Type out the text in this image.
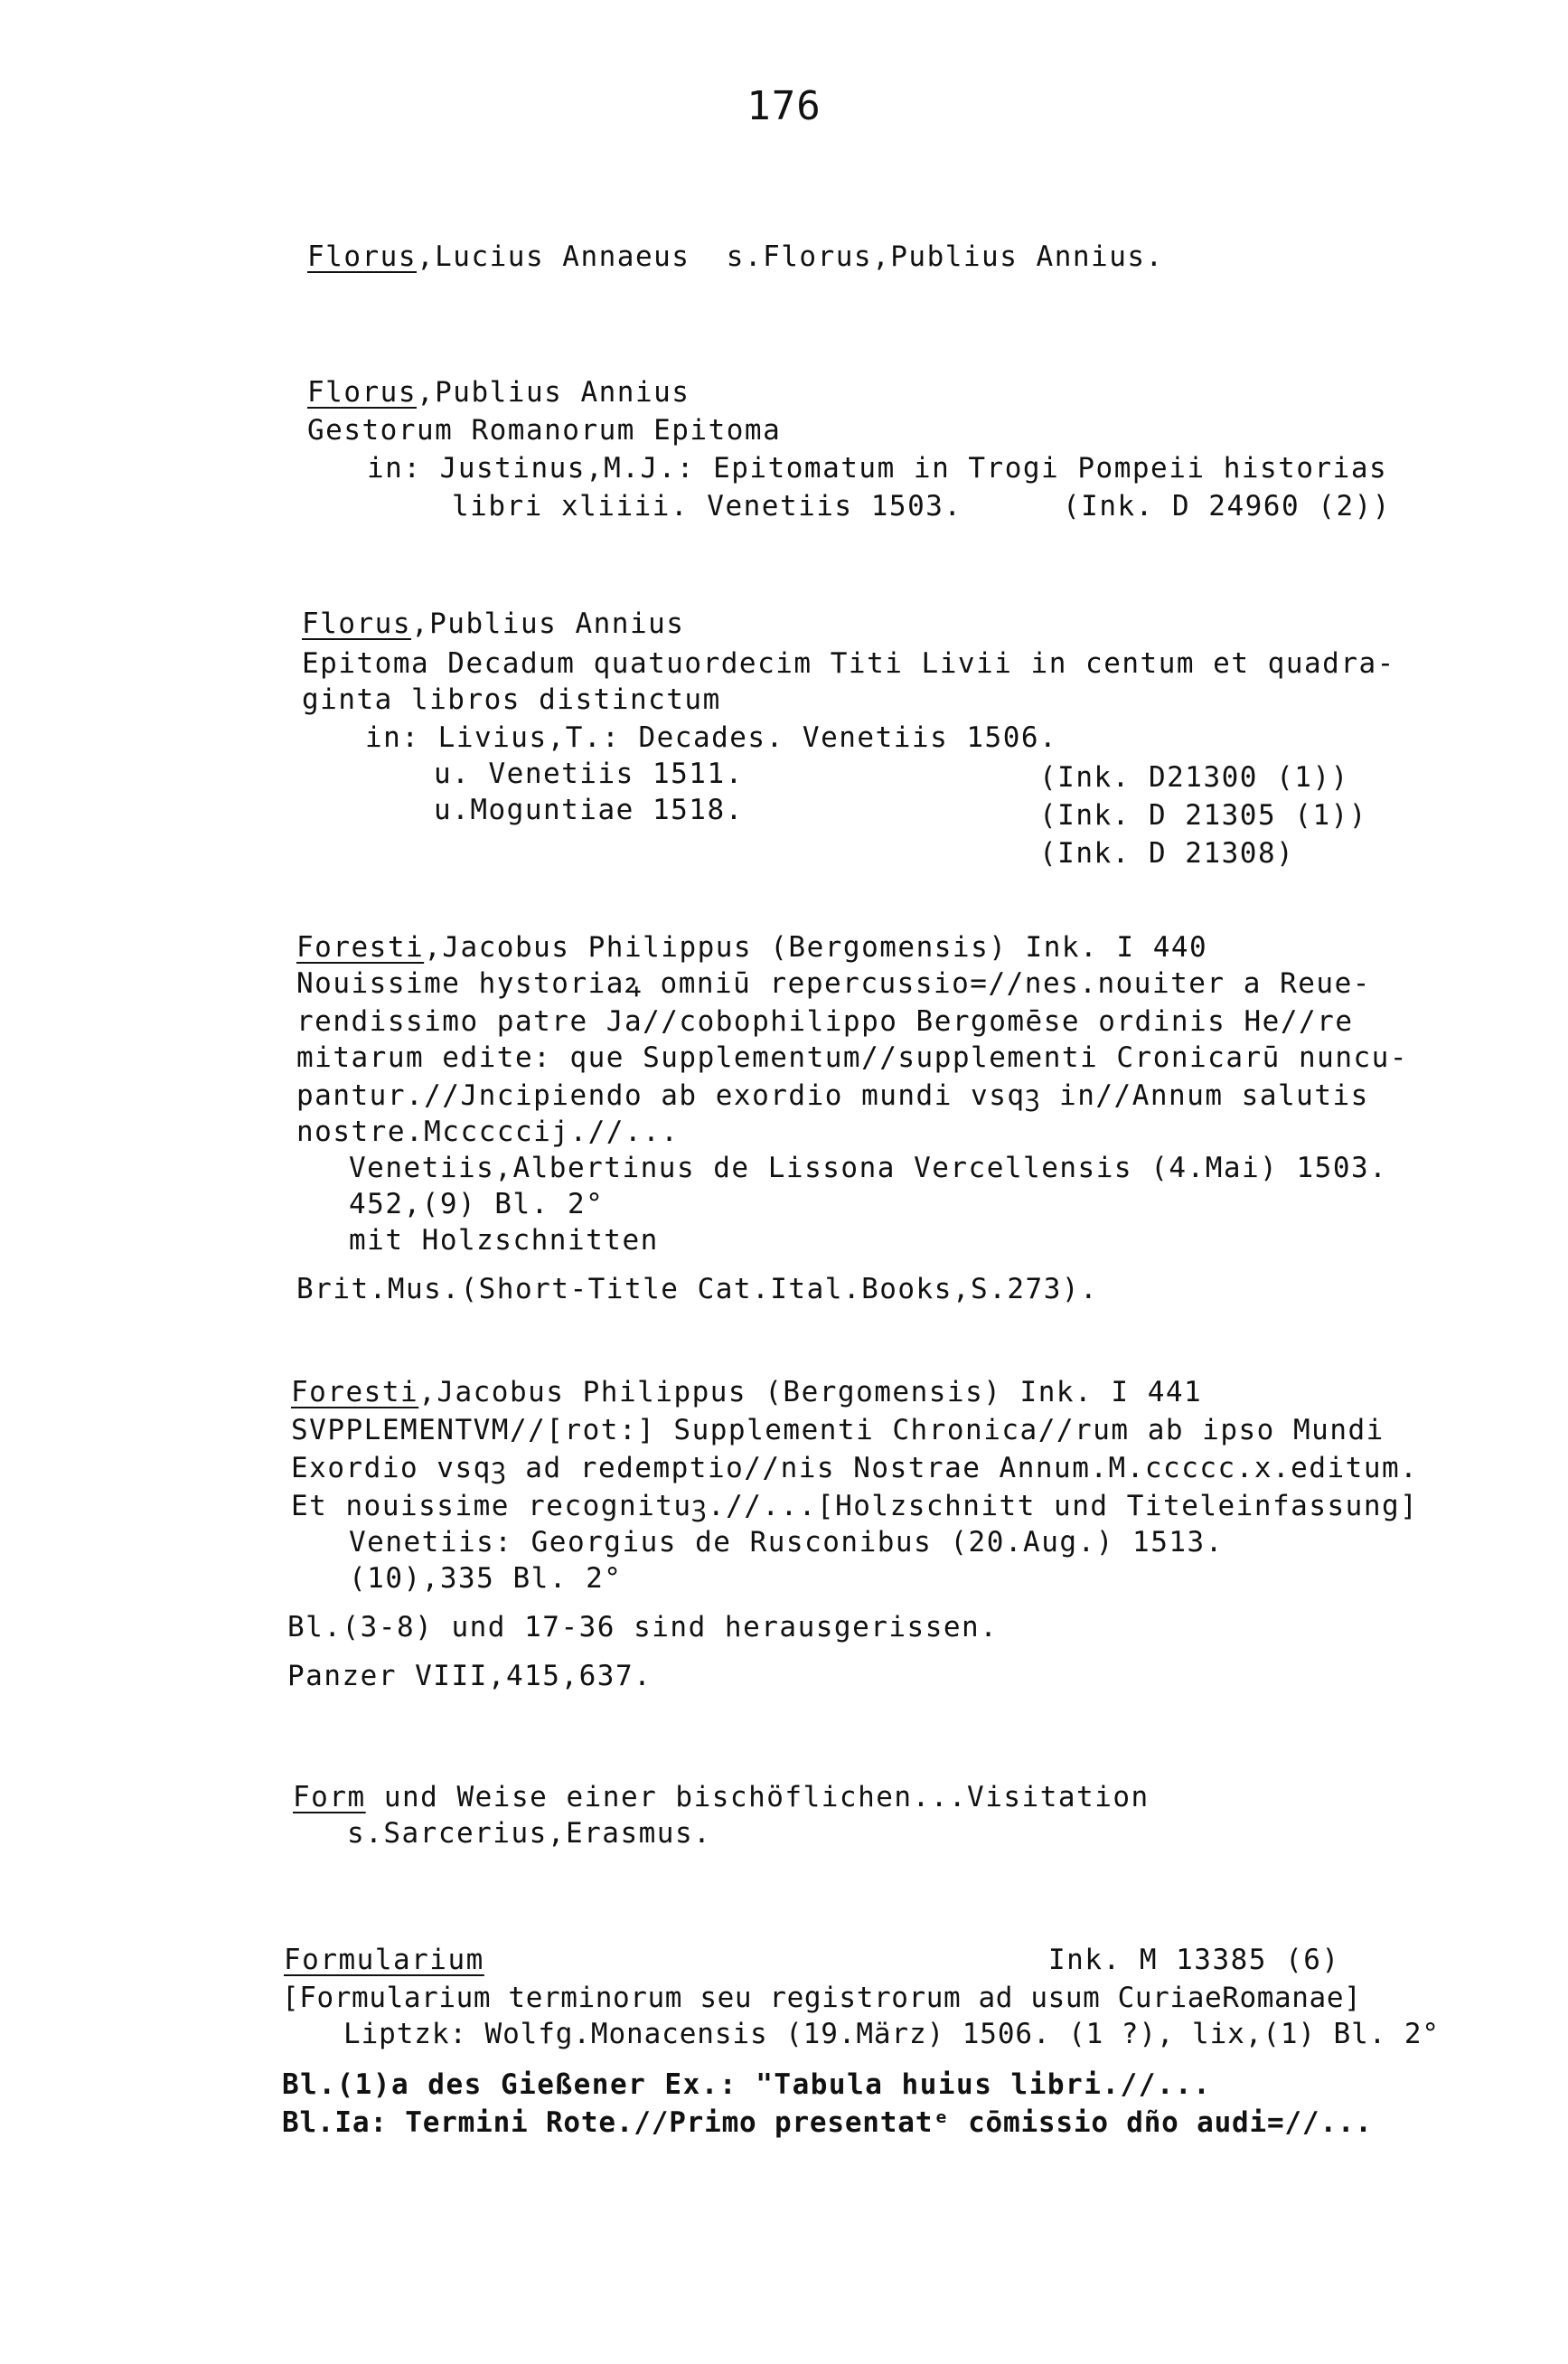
176
Florus,Lucius Annaeus  s.Florus,Publius Annius.
Florus,Publius Annius
Gestorum Romanorum Epitoma
in: Justinus,M.J.: Epitomatum in Trogi Pompeii historias
libri xliiii. Venetiis 1503.	(Ink. D 24960 (2))
Florus,Publius Annius
Epitoma Decadum quatuordecim Titi Livii in centum et quadra-
ginta libros distinctum
in: Livius,T.: Decades. Venetiis 1506.
u. Venetiis 1511.
u.Moguntiae 1518.
(Ink. D21300 (1))
(Ink. D 21305 (1))
(Ink. D 21308)
Foresti,Jacobus Philippus (Bergomensis) Ink. I 440
Nouissime hystoriaꝝ omniū repercussio=//nes.nouiter a Reue-
rendissimo patre Ja//cobophilippo Bergomēse ordinis He//re
mitarum edite: que Supplementum//supplementi Cronicarū nuncu-
pantur.//Jncipiendo ab exordio mundi vsqꝫ in//Annum salutis
nostre.Mcccccij.//...
Venetiis,Albertinus de Lissona Vercellensis (4.Mai) 1503.
452,(9) Bl. 2°
mit Holzschnitten
Brit.Mus.(Short-Title Cat.Ital.Books,S.273).
Foresti,Jacobus Philippus (Bergomensis) Ink. I 441
SVPPLEMENTVM//[rot:] Supplementi Chronica//rum ab ipso Mundi
Exordio vsqꝫ ad redemptio//nis Nostrae Annum.M.ccccc.x.editum.
Et nouissime recognituꝫ.//...[Holzschnitt und Titeleinfassung]
Venetiis: Georgius de Rusconibus (20.Aug.) 1513.
(10),335 Bl. 2°
Bl.(3-8) und 17-36 sind herausgerissen.
Panzer VIII,415,637.
Form und Weise einer bischöflichen...Visitation
s.Sarcerius,Erasmus.
Formularium	Ink. M 13385 (6)
[Formularium terminorum seu registrorum ad usum CuriaeRomanae]
Liptzk: Wolfg.Monacensis (19.März) 1506. (1 ?), lix,(1) Bl. 2°
Bl.(1)a des Gießener Ex.: "Tabula huius libri.//...
Bl.Ia: Termini Rote.//Primo presentatᵉ cōmissio dño audi=//...
